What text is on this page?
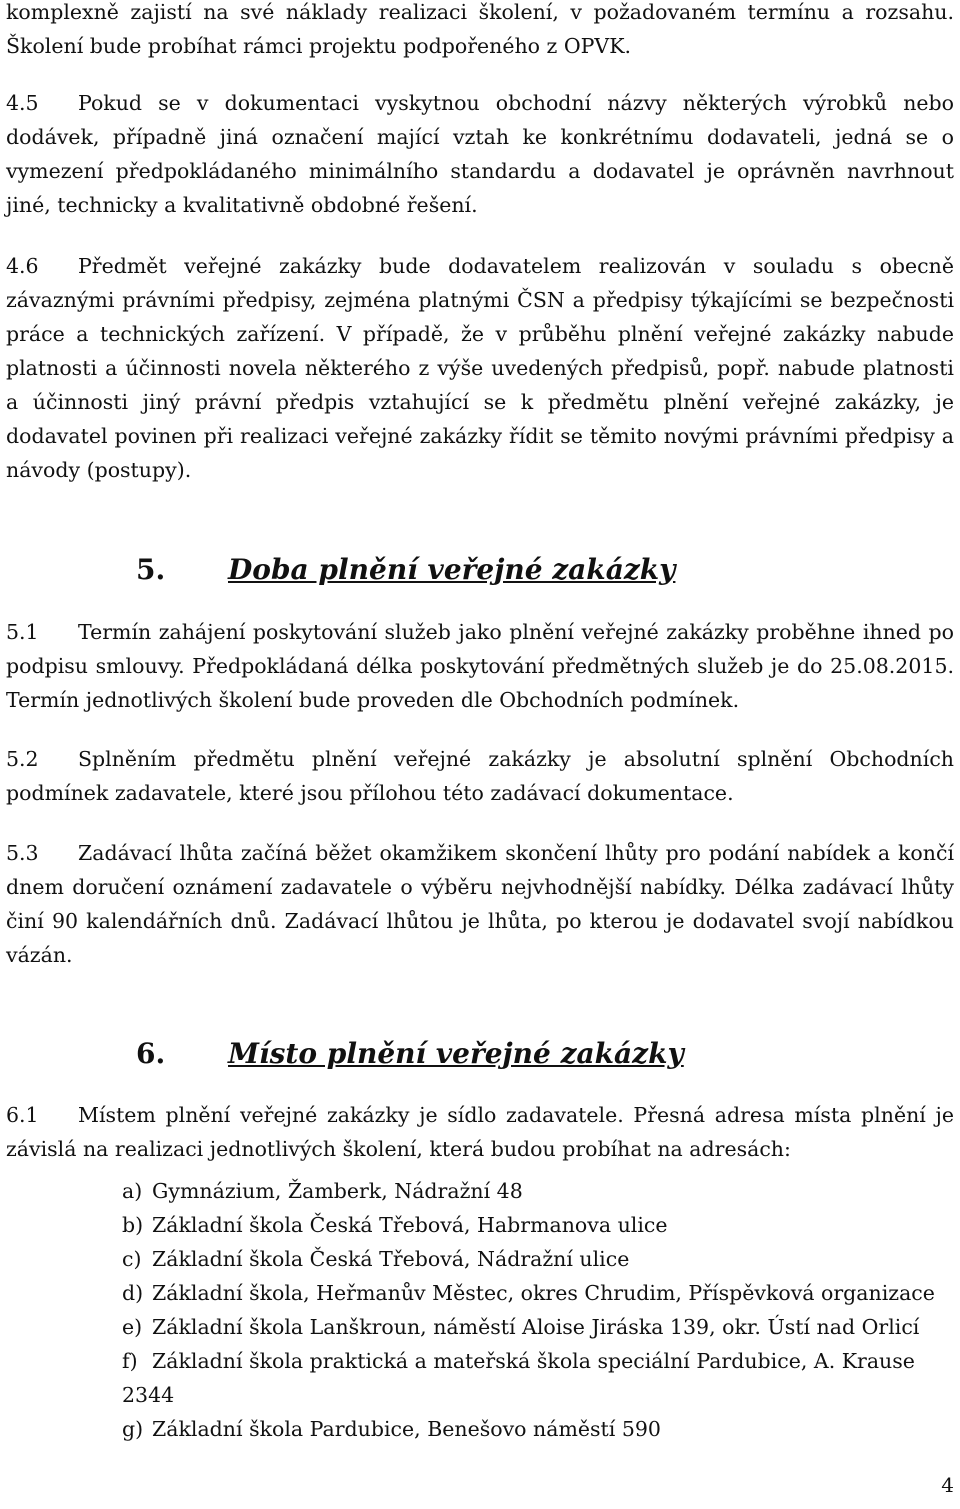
komplexně zajistí na své náklady realizaci školení, v požadovaném termínu a rozsahu. Školení bude probíhat rámci projektu podpořeného z OPVK.

4.5 Pokud se v dokumentaci vyskytnou obchodní názvy některých výrobků nebo dodávek, případně jiná označení mající vztah ke konkrétnímu dodavateli, jedná se o vymezení předpokládaného minimálního standardu a dodavatel je oprávněn navrhnout jiné, technicky a kvalitativně obdobné řešení.

4.6 Předmět veřejné zakázky bude dodavatelem realizován v souladu s obecně závaznými právními předpisy, zejména platnými ČSN a předpisy týkajícími se bezpečnosti práce a technických zařízení. V případě, že v průběhu plnění veřejné zakázky nabude platnosti a účinnosti novela některého z výše uvedených předpisů, popř. nabude platnosti a účinnosti jiný právní předpis vztahující se k předmětu plnění veřejné zakázky, je dodavatel povinen při realizaci veřejné zakázky řídit se těmito novými právními předpisy a návody (postupy).

5. Doba plnění veřejné zakázky

5.1 Termín zahájení poskytování služeb jako plnění veřejné zakázky proběhne ihned po podpisu smlouvy. Předpokládaná délka poskytování předmětných služeb je do 25.08.2015. Termín jednotlivých školení bude proveden dle Obchodních podmínek.

5.2 Splněním předmětu plnění veřejné zakázky je absolutní splnění Obchodních podmínek zadavatele, které jsou přílohou této zadávací dokumentace.

5.3 Zadávací lhůta začíná běžet okamžikem skončení lhůty pro podání nabídek a končí dnem doručení oznámení zadavatele o výběru nejvhodnější nabídky. Délka zadávací lhůty činí 90 kalendářních dnů. Zadávací lhůtou je lhůta, po kterou je dodavatel svojí nabídkou vázán.

6. Místo plnění veřejné zakázky

6.1 Místem plnění veřejné zakázky je sídlo zadavatele. Přesná adresa místa plnění je závislá na realizaci jednotlivých školení, která budou probíhat na adresách:

a) Gymnázium, Žamberk, Nádražní 48
b) Základní škola Česká Třebová, Habrmanova ulice
c) Základní škola Česká Třebová, Nádražní ulice
d) Základní škola, Heřmanův Městec, okres Chrudim, Příspěvková organizace
e) Základní škola Lanškroun, náměstí Aloise Jiráska 139, okr. Ústí nad Orlicí
f) Základní škola praktická a mateřská škola speciální Pardubice, A. Krause 2344
g) Základní škola Pardubice, Benešovo náměstí 590
4
